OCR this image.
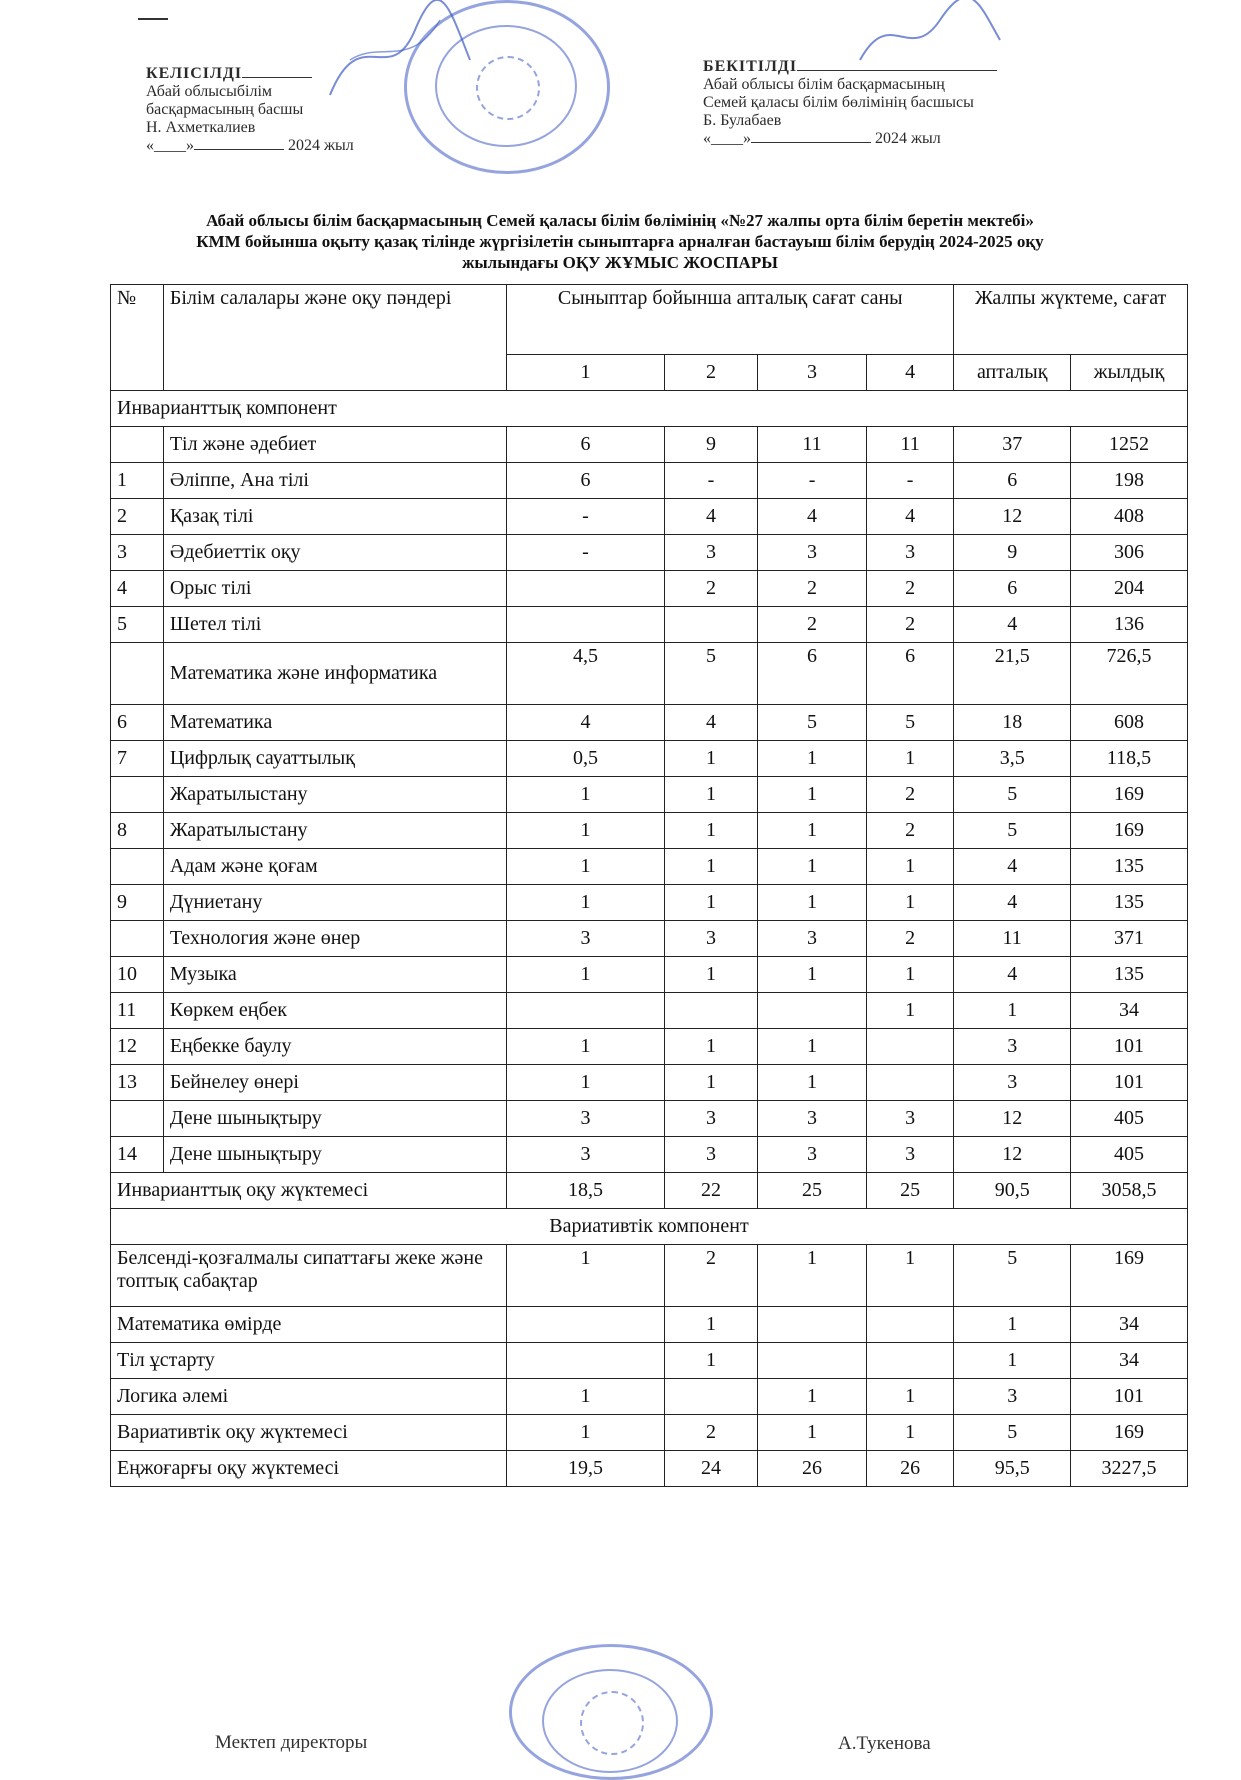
КЕЛІСІЛДІ
Абай облысыбілім
басқармасының басшы
Н. Ахметкалиев
«____»	2024 жыл
БЕКІТІЛДІ
Абай облысы білім басқармасының
Семей қаласы білім бөлімінің басшысы
Б. Булабаев
«____»	2024 жыл
Абай облысы білім басқармасының Семей қаласы білім бөлімінің «№27 жалпы орта білім беретін мектебі»
КММ бойынша оқыту қазақ тілінде жүргізілетін сыныптарға арналған бастауыш білім берудің 2024-2025 оқу
жылындағы ОҚУ ЖҰМЫС ЖОСПАРЫ
№	Білім салалары және оқу пәндері	Сыныптар бойынша апталық сағат саны				Жалпы жүктеме, сағат	
		1	2	3	4	апталық	жылдық
Инварианттық компонент							
	Тіл және әдебиет	6	9	11	11	37	1252
1	Әліппе, Ана тілі	6	-	-	-	6	198
2	Қазақ тілі	-	4	4	4	12	408
3	Әдебиеттік оқу	-	3	3	3	9	306
4	Орыс тілі		2	2	2	6	204
5	Шетел тілі			2	2	4	136
	Математика және информатика	4,5	5	6	6	21,5	726,5
6	Математика	4	4	5	5	18	608
7	Цифрлық сауаттылық	0,5	1	1	1	3,5	118,5
	Жаратылыстану	1	1	1	2	5	169
8	Жаратылыстану	1	1	1	2	5	169
	Адам және қоғам	1	1	1	1	4	135
9	Дүниетану	1	1	1	1	4	135
	Технология және өнер	3	3	3	2	11	371
10	Музыка	1	1	1	1	4	135
11	Көркем еңбек				1	1	34
12	Еңбекке баулу	1	1	1		3	101
13	Бейнелеу өнері	1	1	1		3	101
	Дене шынықтыру	3	3	3	3	12	405
14	Дене шынықтыру	3	3	3	3	12	405
Инварианттық оқу жүктемесі		18,5	22	25	25	90,5	3058,5
Вариативтік компонент							
Белсенді-қозғалмалы сипаттағы жеке және топтық сабақтар		1	2	1	1	5	169
Математика өмірде			1			1	34
Тіл ұстарту			1			1	34
Логика әлемі		1		1	1	3	101
Вариативтік оқу жүктемесі		1	2	1	1	5	169
Еңжоғарғы оқу жүктемесі		19,5	24	26	26	95,5	3227,5
Мектеп директоры	А.Тукенова
